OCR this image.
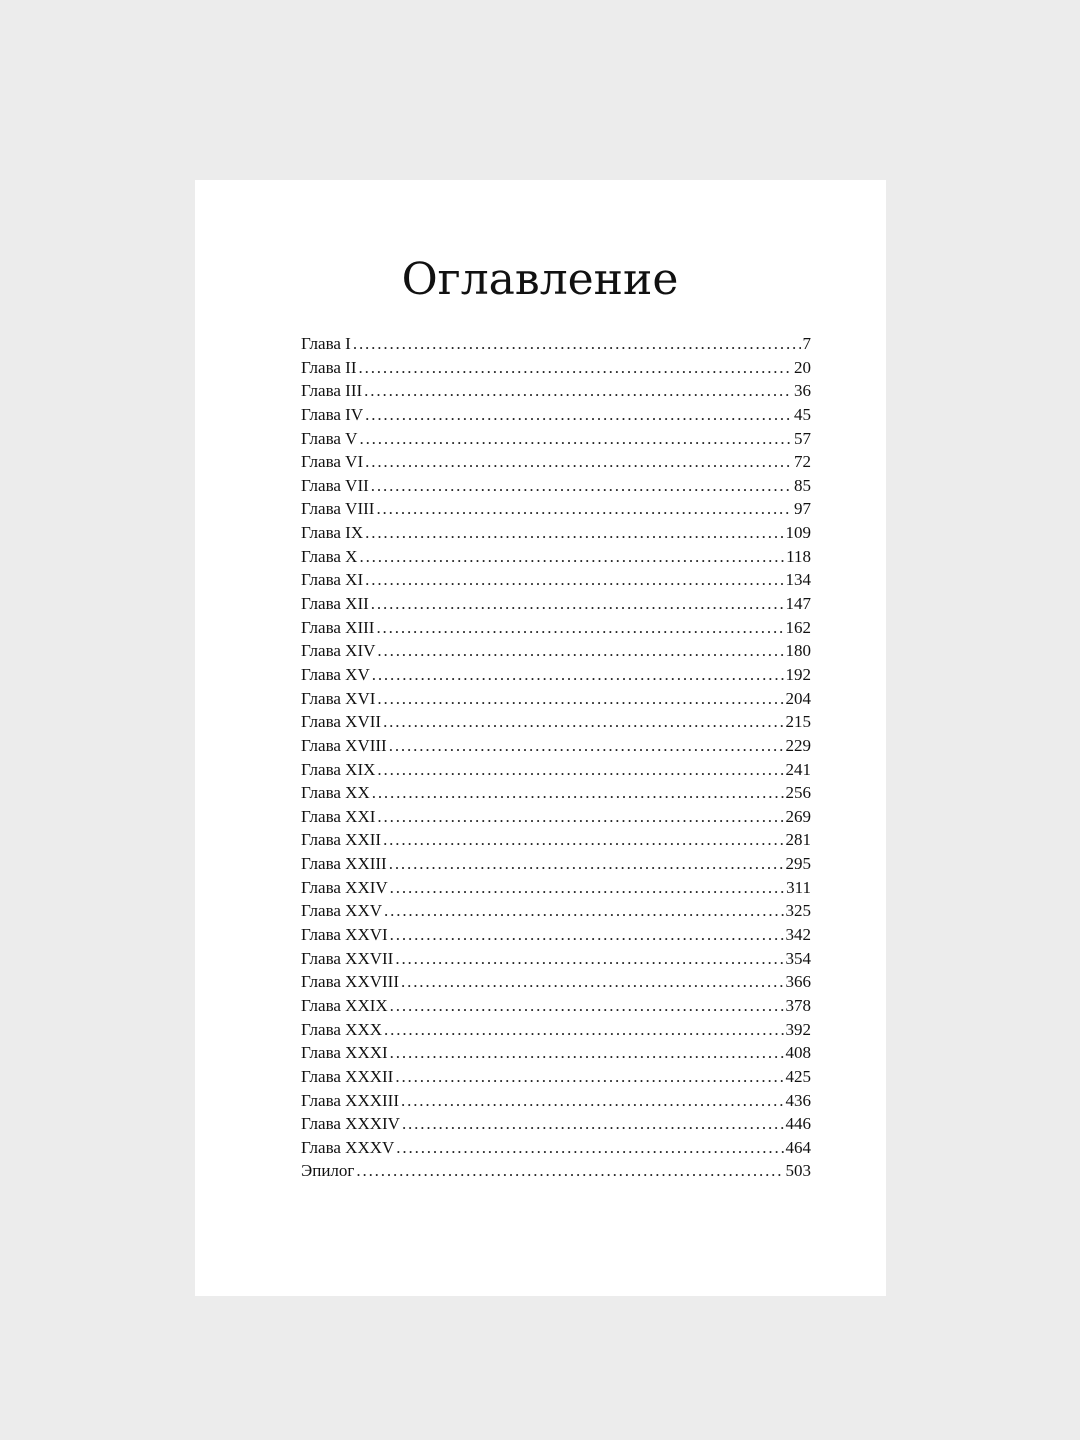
Оглавление
Глава I . . .	7
Глава II . . .	20
Глава III . . .	36
Глава IV . . .	45
Глава V . . .	57
Глава VI . . .	72
Глава VII . . .	85
Глава VIII . . .	97
Глава IX . . .	109
Глава X . . .	118
Глава XI . . .	134
Глава XII . . .	147
Глава XIII . . .	162
Глава XIV . . .	180
Глава XV . . .	192
Глава XVI . . .	204
Глава XVII . . .	215
Глава XVIII . . .	229
Глава XIX . . .	241
Глава XX . . .	256
Глава XXI . . .	269
Глава XXII . . .	281
Глава XXIII . . .	295
Глава XXIV . . .	311
Глава XXV . . .	325
Глава XXVI . . .	342
Глава XXVII . . .	354
Глава XXVIII . . .	366
Глава XXIX . . .	378
Глава XXX . . .	392
Глава XXXI . . .	408
Глава XXXII . . .	425
Глава XXXIII . . .	436
Глава XXXIV . . .	446
Глава XXXV . . .	464
Эпилог . . .	503
